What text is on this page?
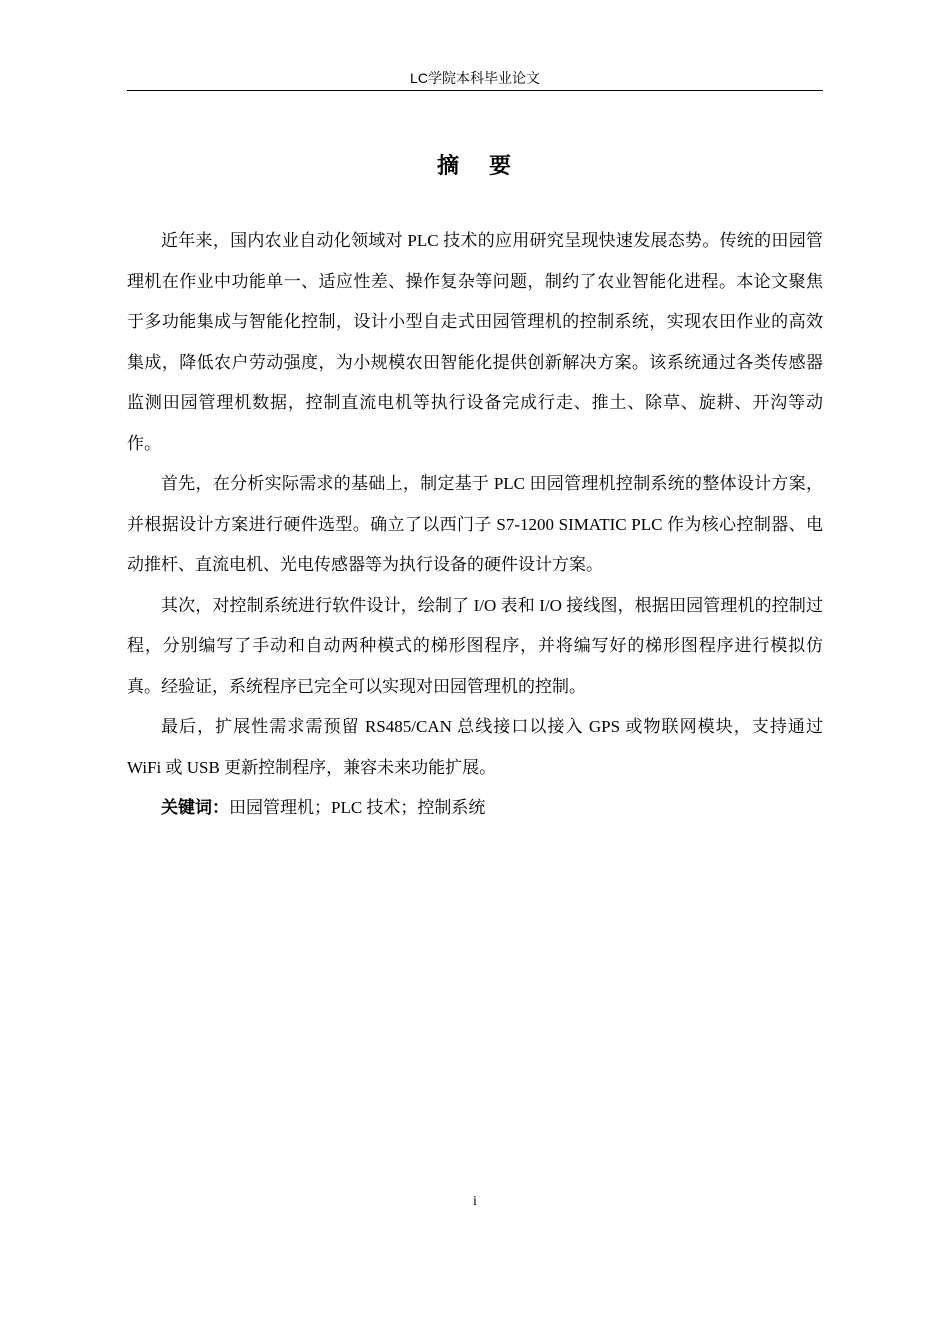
LC学院本科毕业论文
摘 要

近年来，国内农业自动化领域对 PLC 技术的应用研究呈现快速发展态势。传统的田园管理机在作业中功能单一、适应性差、操作复杂等问题，制约了农业智能化进程。本论文聚焦于多功能集成与智能化控制，设计小型自走式田园管理机的控制系统，实现农田作业的高效集成，降低农户劳动强度，为小规模农田智能化提供创新解决方案。该系统通过各类传感器监测田园管理机数据，控制直流电机等执行设备完成行走、推土、除草、旋耕、开沟等动作。

首先，在分析实际需求的基础上，制定基于 PLC 田园管理机控制系统的整体设计方案，并根据设计方案进行硬件选型。确立了以西门子 S7-1200 SIMATIC PLC 作为核心控制器、电动推杆、直流电机、光电传感器等为执行设备的硬件设计方案。

其次，对控制系统进行软件设计，绘制了 I/O 表和 I/O 接线图，根据田园管理机的控制过程，分别编写了手动和自动两种模式的梯形图程序，并将编写好的梯形图程序进行模拟仿真。经验证，系统程序已完全可以实现对田园管理机的控制。

最后，扩展性需求需预留 RS485/CAN 总线接口以接入 GPS 或物联网模块，支持通过 WiFi 或 USB 更新控制程序，兼容未来功能扩展。

关键词：田园管理机；PLC 技术；控制系统

i
